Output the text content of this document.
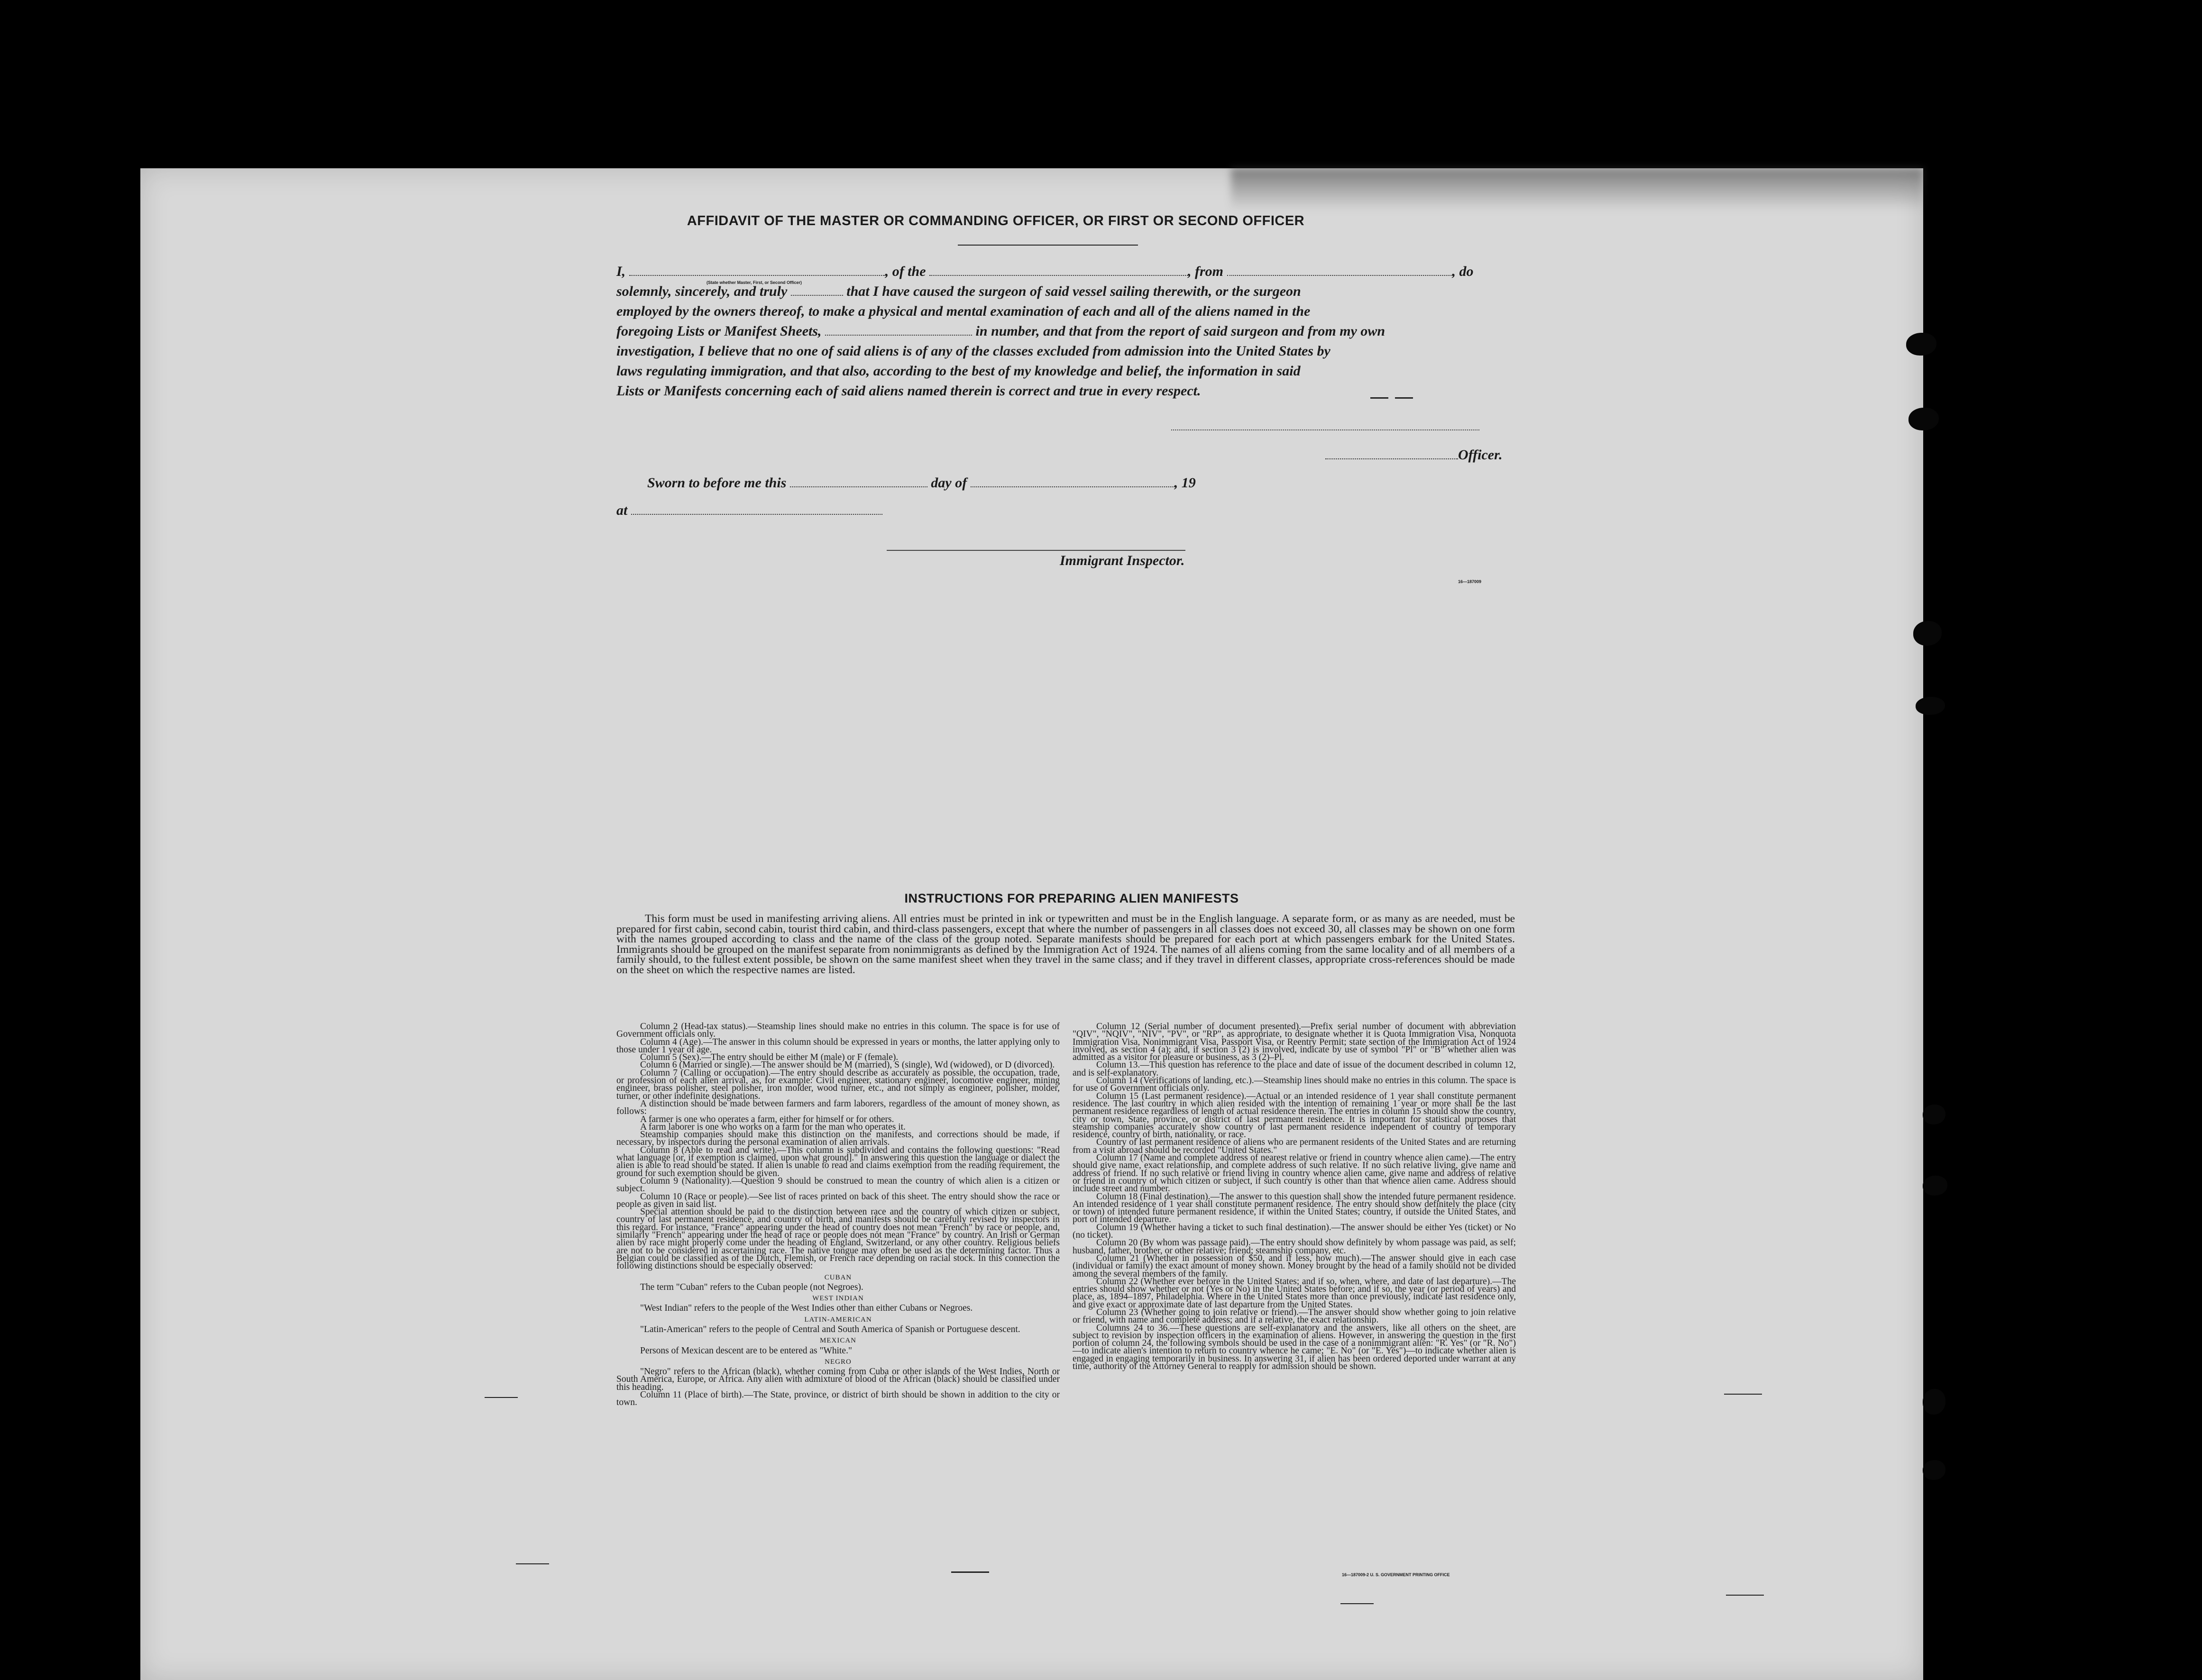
AFFIDAVIT OF THE MASTER OR COMMANDING OFFICER, OR FIRST OR SECOND OFFICER
I,	, of the	, from	, do
(State whether Master, First, or Second Officer)
solemnly, sincerely, and truly	that I have caused the surgeon of said vessel sailing therewith, or the surgeon
employed by the owners thereof, to make a physical and mental examination of each and all of the aliens named in the
foregoing Lists or Manifest Sheets,	in number, and that from the report of said surgeon and from my own
investigation, I believe that no one of said aliens is of any of the classes excluded from admission into the United States by
laws regulating immigration, and that also, according to the best of my knowledge and belief, the information in said
Lists or Manifests concerning each of said aliens named therein is correct and true in every respect.
Officer.
Sworn to before me this	day of	, 19
at
Immigrant Inspector.
16—187009
INSTRUCTIONS FOR PREPARING ALIEN MANIFESTS
This form must be used in manifesting arriving aliens. All entries must be printed in ink or typewritten and must be in the English language. A separate form, or as many as are needed, must be prepared for first cabin, second cabin, tourist third cabin, and third-class passengers, except that where the number of passengers in all classes does not exceed 30, all classes may be shown on one form with the names grouped according to class and the name of the class of the group noted. Separate manifests should be prepared for each port at which passengers embark for the United States. Immigrants should be grouped on the manifest separate from nonimmigrants as defined by the Immigration Act of 1924. The names of all aliens coming from the same locality and of all members of a family should, to the fullest extent possible, be shown on the same manifest sheet when they travel in the same class; and if they travel in different classes, appropriate cross-references should be made on the sheet on which the respective names are listed.

Column 2 (Head-tax status).—Steamship lines should make no entries in this column. The space is for use of Government officials only.

Column 4 (Age).—The answer in this column should be expressed in years or months, the latter applying only to those under 1 year of age.

Column 5 (Sex).—The entry should be either M (male) or F (female).

Column 6 (Married or single).—The answer should be M (married), S (single), Wd (widowed), or D (divorced).

Column 7 (Calling or occupation).—The entry should describe as accurately as possible, the occupation, trade, or profession of each alien arrival, as, for example: Civil engineer, stationary engineer, locomotive engineer, mining engineer, brass polisher, steel polisher, iron molder, wood turner, etc., and not simply as engineer, polisher, molder, turner, or other indefinite designations.

A distinction should be made between farmers and farm laborers, regardless of the amount of money shown, as follows:

A farmer is one who operates a farm, either for himself or for others.

A farm laborer is one who works on a farm for the man who operates it.

Steamship companies should make this distinction on the manifests, and corrections should be made, if necessary, by inspectors during the personal examination of alien arrivals.

Column 8 (Able to read and write).—This column is subdivided and contains the following questions: "Read what language [or, if exemption is claimed, upon what ground]." In answering this question the language or dialect the alien is able to read should be stated. If alien is unable to read and claims exemption from the reading requirement, the ground for such exemption should be given.

Column 9 (Nationality).—Question 9 should be construed to mean the country of which alien is a citizen or subject.

Column 10 (Race or people).—See list of races printed on back of this sheet. The entry should show the race or people as given in said list.

Special attention should be paid to the distinction between race and the country of which citizen or subject, country of last permanent residence, and country of birth, and manifests should be carefully revised by inspectors in this regard. For instance, "France" appearing under the head of country does not mean "French" by race or people, and, similarly "French" appearing under the head of race or people does not mean "France" by country. An Irish or German alien by race might properly come under the heading of England, Switzerland, or any other country. Religious beliefs are not to be considered in ascertaining race. The native tongue may often be used as the determining factor. Thus a Belgian could be classified as of the Dutch, Flemish, or French race depending on racial stock. In this connection the following distinctions should be especially observed:

CUBAN

The term "Cuban" refers to the Cuban people (not Negroes).

WEST INDIAN

"West Indian" refers to the people of the West Indies other than either Cubans or Negroes.

LATIN-AMERICAN

"Latin-American" refers to the people of Central and South America of Spanish or Portuguese descent.

MEXICAN

Persons of Mexican descent are to be entered as "White."

NEGRO

"Negro" refers to the African (black), whether coming from Cuba or other islands of the West Indies, North or South America, Europe, or Africa. Any alien with admixture of blood of the African (black) should be classified under this heading.

Column 11 (Place of birth).—The State, province, or district of birth should be shown in addition to the city or town.

Column 12 (Serial number of document presented).—Prefix serial number of document with abbreviation "QIV", "NQIV", "NIV", "PV", or "RP", as appropriate, to designate whether it is Quota Immigration Visa, Nonquota Immigration Visa, Nonimmigrant Visa, Passport Visa, or Reentry Permit; state section of the Immigration Act of 1924 involved, as section 4 (a); and, if section 3 (2) is involved, indicate by use of symbol "Pl" or "B" whether alien was admitted as a visitor for pleasure or business, as 3 (2)–Pl.

Column 13.—This question has reference to the place and date of issue of the document described in column 12, and is self-explanatory.

Column 14 (Verifications of landing, etc.).—Steamship lines should make no entries in this column. The space is for use of Government officials only.

Column 15 (Last permanent residence).—Actual or an intended residence of 1 year shall constitute permanent residence. The last country in which alien resided with the intention of remaining 1 year or more shall be the last permanent residence regardless of length of actual residence therein. The entries in column 15 should show the country, city or town, State, province, or district of last permanent residence. It is important for statistical purposes that steamship companies accurately show country of last permanent residence independent of country of temporary residence, country of birth, nationality, or race.

Country of last permanent residence of aliens who are permanent residents of the United States and are returning from a visit abroad should be recorded "United States."

Column 17 (Name and complete address of nearest relative or friend in country whence alien came).—The entry should give name, exact relationship, and complete address of such relative. If no such relative living, give name and address of friend. If no such relative or friend living in country whence alien came, give name and address of relative or friend in country of which citizen or subject, if such country is other than that whence alien came. Address should include street and number.

Column 18 (Final destination).—The answer to this question shall show the intended future permanent residence. An intended residence of 1 year shall constitute permanent residence. The entry should show definitely the place (city or town) of intended future permanent residence, if within the United States; country, if outside the United States, and port of intended departure.

Column 19 (Whether having a ticket to such final destination).—The answer should be either Yes (ticket) or No (no ticket).

Column 20 (By whom was passage paid).—The entry should show definitely by whom passage was paid, as self; husband, father, brother, or other relative; friend; steamship company, etc.

Column 21 (Whether in possession of $50, and if less, how much).—The answer should give in each case (individual or family) the exact amount of money shown. Money brought by the head of a family should not be divided among the several members of the family.

Column 22 (Whether ever before in the United States; and if so, when, where, and date of last departure).—The entries should show whether or not (Yes or No) in the United States before; and if so, the year (or period of years) and place, as, 1894–1897, Philadelphia. Where in the United States more than once previously, indicate last residence only, and give exact or approximate date of last departure from the United States.

Column 23 (Whether going to join relative or friend).—The answer should show whether going to join relative or friend, with name and complete address; and if a relative, the exact relationship.

Columns 24 to 36.—These questions are self-explanatory and the answers, like all others on the sheet, are subject to revision by inspection officers in the examination of aliens. However, in answering the question in the first portion of column 24, the following symbols should be used in the case of a nonimmigrant alien: "R. Yes" (or "R. No")—to indicate alien's intention to return to country whence he came; "E. No" (or "E. Yes")—to indicate whether alien is engaged in engaging temporarily in business. In answering 31, if alien has been ordered deported under warrant at any time, authority of the Attorney General to reapply for admission should be shown.

16—187009-2 U. S. GOVERNMENT PRINTING OFFICE
